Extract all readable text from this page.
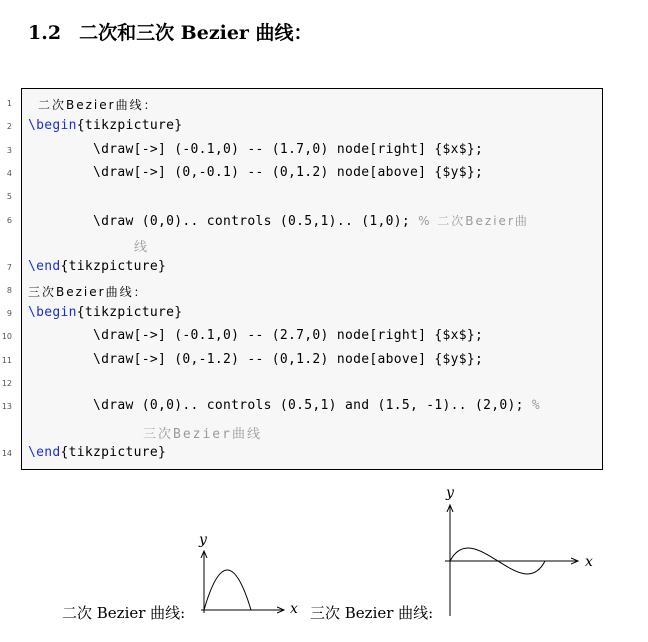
1.2 二次和三次 Bezier 曲线：
1 二次Bezier曲线：
2 \begin{tikzpicture}
3 \draw[->] (-0.1,0) -- (1.7,0) node[right] {$x$};
4 \draw[->] (0,-0.1) -- (0,1.2) node[above] {$y$};
5
6 \draw (0,0).. controls (0.5,1).. (1,0); % 二次Bezier曲
线
7 \end{tikzpicture}
8 三次Bezier曲线：
9 \begin{tikzpicture}
10 \draw[->] (-0.1,0) -- (2.7,0) node[right] {$x$};
11 \draw[->] (0,-1.2) -- (0,1.2) node[above] {$y$};
12
13 \draw (0,0).. controls (0.5,1) and (1.5, -1).. (2,0); %
三次Bezier曲线
14 \end{tikzpicture}
二次 Bezier 曲线:	三次 Bezier 曲线:
x
y
x
y
